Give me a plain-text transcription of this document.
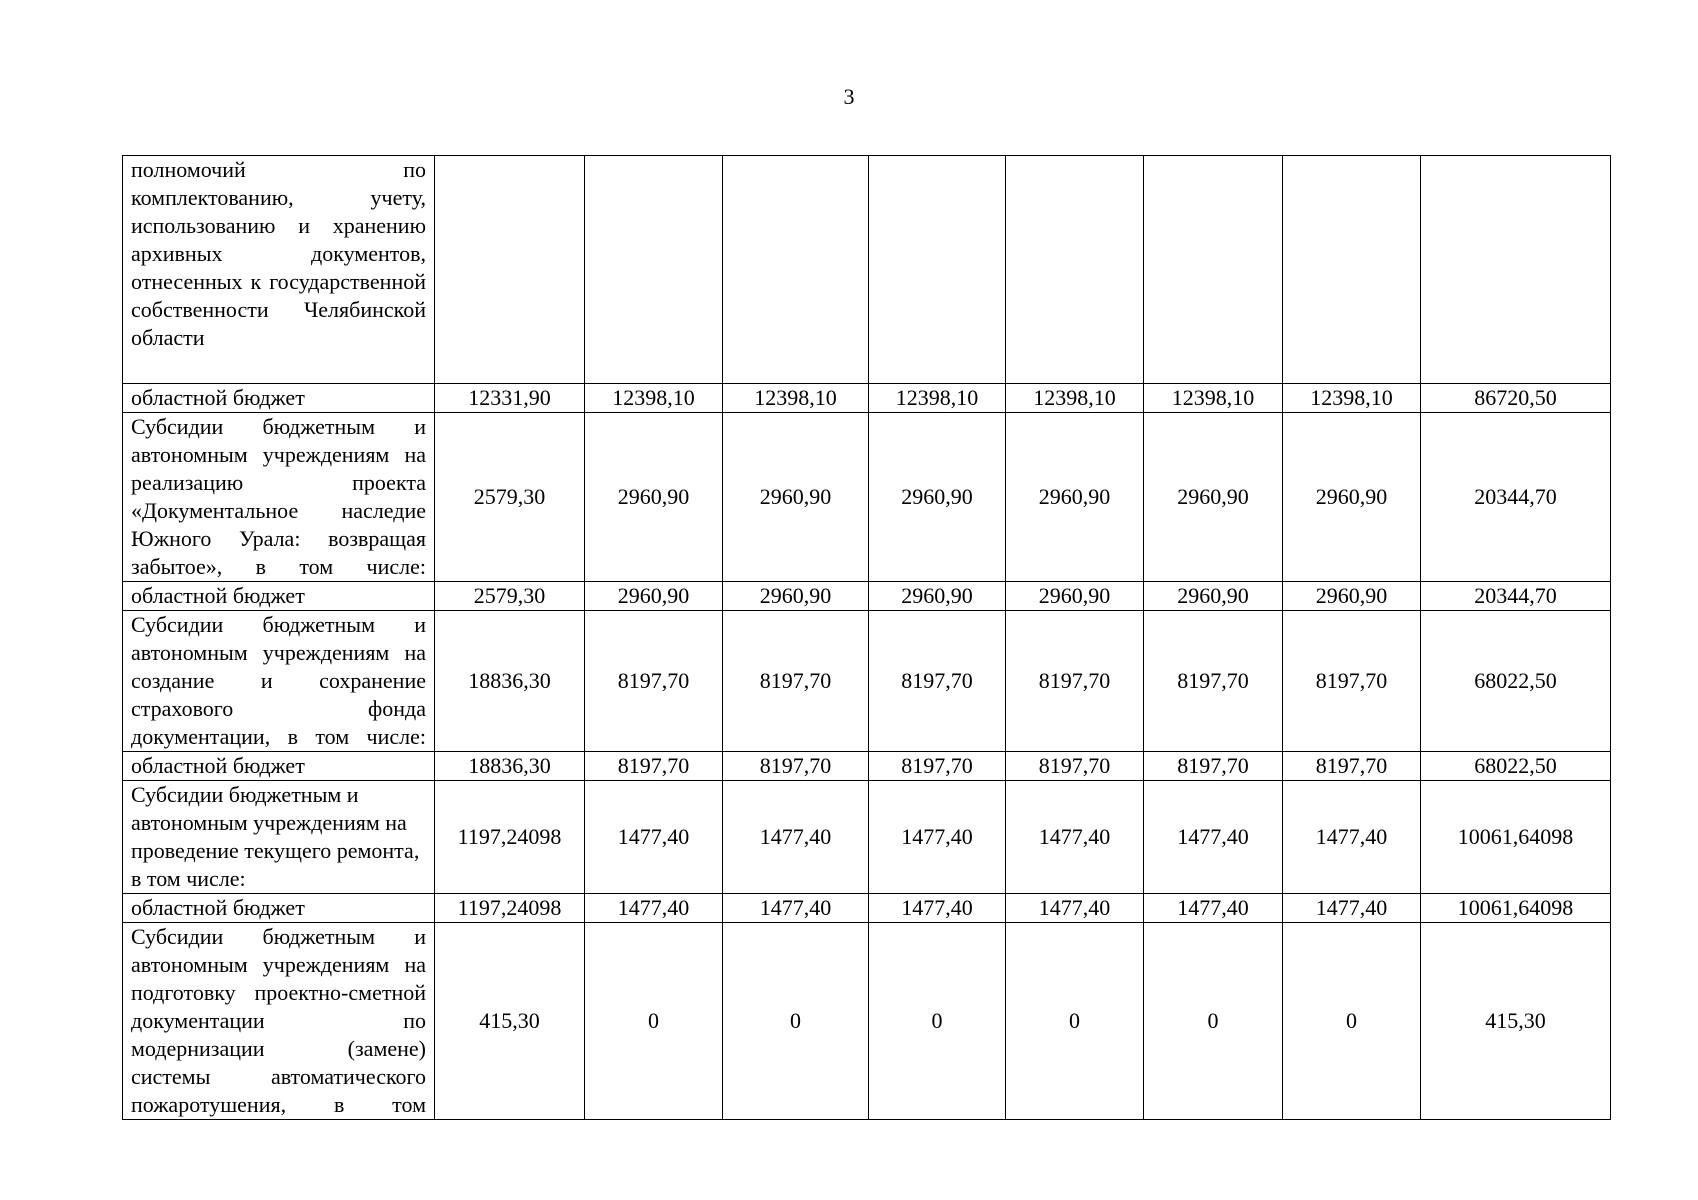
3
полномочий по комплектованию, учету, использованию и хранению архивных документов, отнесенных к государственной собственности Челябинской области								
областной бюджет	12331,90	12398,10	12398,10	12398,10	12398,10	12398,10	12398,10	86720,50
Субсидии бюджетным и автономным учреждениям на реализацию проекта «Документальное наследие Южного Урала: возвращая забытое», в том числе:	2579,30	2960,90	2960,90	2960,90	2960,90	2960,90	2960,90	20344,70
областной бюджет	2579,30	2960,90	2960,90	2960,90	2960,90	2960,90	2960,90	20344,70
Субсидии бюджетным и автономным учреждениям на создание и сохранение страхового фонда документации, в том числе:	18836,30	8197,70	8197,70	8197,70	8197,70	8197,70	8197,70	68022,50
областной бюджет	18836,30	8197,70	8197,70	8197,70	8197,70	8197,70	8197,70	68022,50
Субсидии бюджетным и автономным учреждениям на проведение текущего ремонта, в том числе:	1197,24098	1477,40	1477,40	1477,40	1477,40	1477,40	1477,40	10061,64098
областной бюджет	1197,24098	1477,40	1477,40	1477,40	1477,40	1477,40	1477,40	10061,64098
Субсидии бюджетным и автономным учреждениям на подготовку проектно-сметной документации по модернизации (замене) системы автоматического пожаротушения, в том	415,30	0	0	0	0	0	0	415,30
